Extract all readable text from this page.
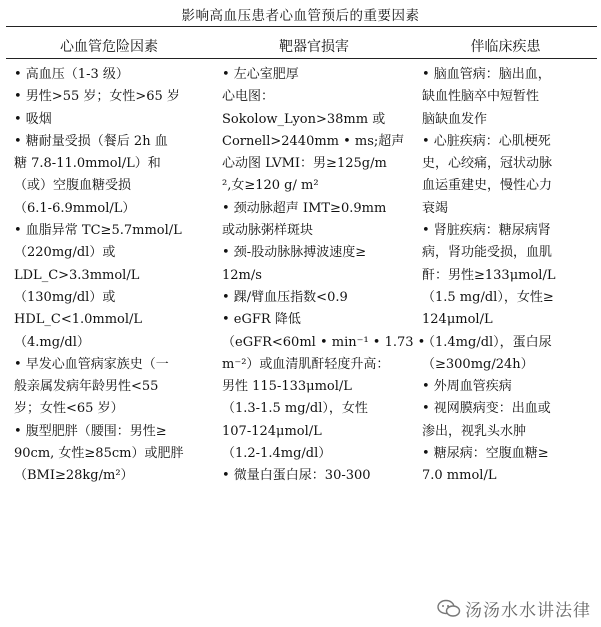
影响高血压患者心血管预后的重要因素
心血管危险因素	靶器官损害	伴临床疾患
• 高血压（1-3 级）
• 男性>55 岁；女性>65 岁
• 吸烟
• 糖耐量受损（餐后 2h 血
糖 7.8-11.0mmol/L）和
（或）空腹血糖受损
（6.1-6.9mmol/L）
• 血脂异常 TC≥5.7mmol/L
（220mg/dl）或
LDL_C>3.3mmol/L
（130mg/dl）或
HDL_C<1.0mmol/L
（4.mg/dl）
• 早发心血管病家族史（一
般亲属发病年龄男性<55
岁；女性<65 岁）
• 腹型肥胖（腰围：男性≥
90cm, 女性≥85cm）或肥胖
（BMI≥28kg/m²）
• 左心室肥厚
心电图：
Sokolow_Lyon>38mm 或
Cornell>2440mm • ms;超声
心动图 LVMI：男≥125g/m
²,女≥120 g/ m²
• 颈动脉超声 IMT≥0.9mm
或动脉粥样斑块
• 颈-股动脉脉搏波速度≥
12m/s
• 踝/臂血压指数<0.9
• eGFR 降低
（eGFR<60ml • min⁻¹ • 1.73 •
m⁻²）或血清肌酐轻度升高：
男性 115-133μmol/L
（1.3-1.5 mg/dl），女性
107-124μmol/L
（1.2-1.4mg/dl）
• 微量白蛋白尿：30-300
• 脑血管病：脑出血，
缺血性脑卒中短暂性
脑缺血发作
• 心脏疾病：心肌梗死
史，心绞痛，冠状动脉
血运重建史，慢性心力
衰竭
• 肾脏疾病：糖尿病肾
病，肾功能受损，血肌
酐：男性≥133μmol/L
（1.5 mg/dl），女性≥
124μmol/L
（1.4mg/dl），蛋白尿
（≥300mg/24h）
• 外周血管疾病
• 视网膜病变：出血或
渗出，视乳头水肿
• 糖尿病：空腹血糖≥
7.0 mmol/L
汤汤水水讲法律
